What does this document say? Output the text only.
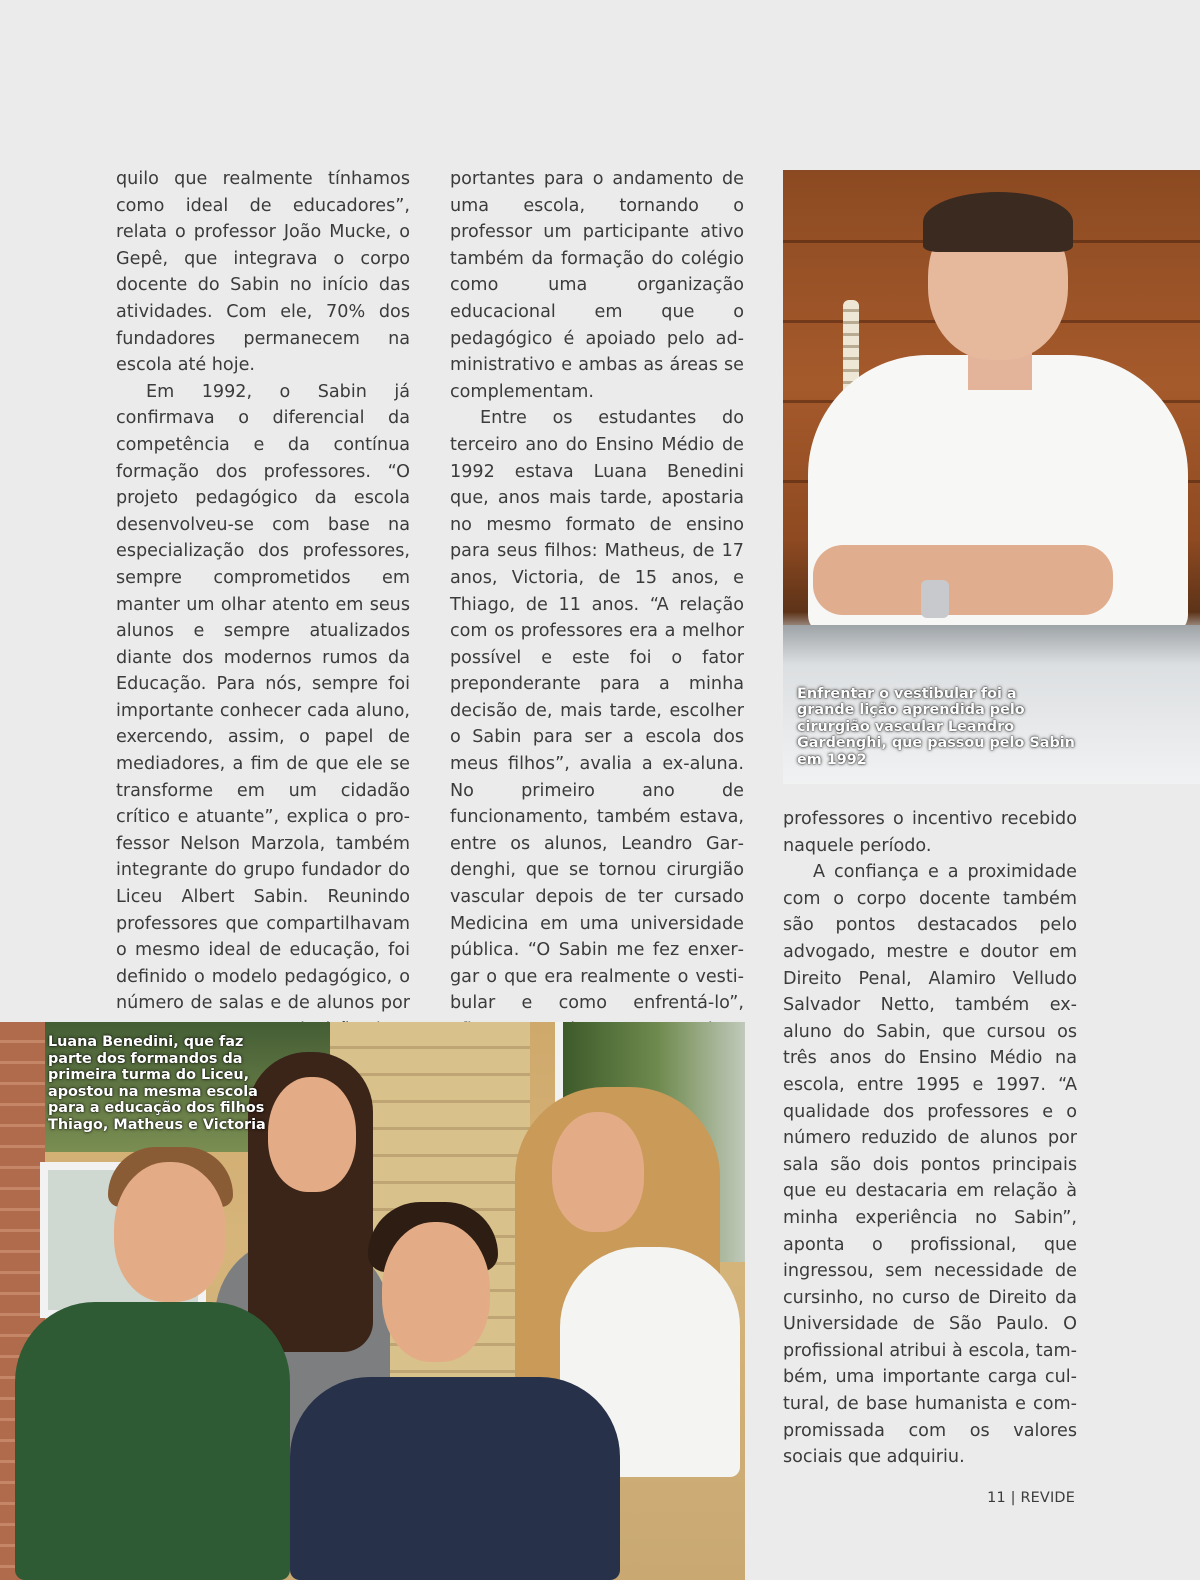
quilo que realmente tínhamos como ideal de educadores”, relata o professor João Mucke, o Gepê, que integrava o corpo docente do Sabin no início das atividades. Com ele, 70% dos fundadores permanecem na escola até hoje.

Em 1992, o Sabin já confirmava o diferencial da competência e da contínua formação dos professores. “O projeto pedagógico da escola desenvolveu-se com base na especialização dos professores, sempre comprometidos em manter um olhar atento em seus alunos e sempre atualizados diante dos modernos rumos da Educação. Para nós, sempre foi importante conhecer cada aluno, exercendo, assim, o papel de mediadores, a fim de que ele se transforme em um cidadão crítico e atuante”, explica o professor Nelson Marzola, também integrante do grupo fundador do Liceu Albert Sabin. Reunindo professores que compartilhavam o mesmo ideal de educação, foi definido o modelo pedagógico, o número de salas e de alunos por

portantes para o andamento de uma escola, tornando o professor um participante ativo também da formação do colégio como uma organização educacional em que o pedagógico é apoiado pelo administrativo e ambas as áreas se complementam.

Entre os estudantes do terceiro ano do Ensino Médio de 1992 estava Luana Benedini que, anos mais tarde, apostaria no mesmo formato de ensino para seus filhos: Matheus, de 17 anos, Victoria, de 15 anos, e Thiago, de 11 anos. “A relação com os professores era a melhor possível e este foi o fator preponderante para a minha decisão de, mais tarde, escolher o Sabin para ser a escola dos meus filhos”, avalia a ex-aluna. No primeiro ano de funcionamento, também estava, entre os alunos, Leandro Gardenghi, que se tornou cirurgião vascular depois de ter cursado Medicina em uma universidade pública. “O Sabin me fez enxergar o que era realmente o vestibular e como enfrentá-lo”,

Enfrentar o vestibular foi a grande lição aprendida pelo cirurgião vascular Leandro Gardenghi, que passou pelo Sabin em 1992

professores o incentivo recebido naquele período.

A confiança e a proximidade com o corpo docente também são pontos destacados pelo advogado, mestre e doutor em Direito Penal, Alamiro Velludo Salvador Netto, também ex-aluno do Sabin, que cursou os três anos do Ensino Médio na escola, entre 1995 e 1997. “A qualidade dos professores e o número reduzido de alunos por sala são dois pontos principais que eu destacaria em relação à minha experiência no Sabin”, aponta o profissional, que ingressou, sem necessidade de cursinho, no curso de Direito da Universidade de São Paulo. O profissional atribui à escola, também, uma importante carga cultural, de base humanista e compromissada com os valores sociais que adquiriu.

Luana Benedini, que faz parte dos formandos da primeira turma do Liceu, apostou na mesma escola para a educação dos filhos Thiago, Matheus e Victoria
11 | REVIDE
